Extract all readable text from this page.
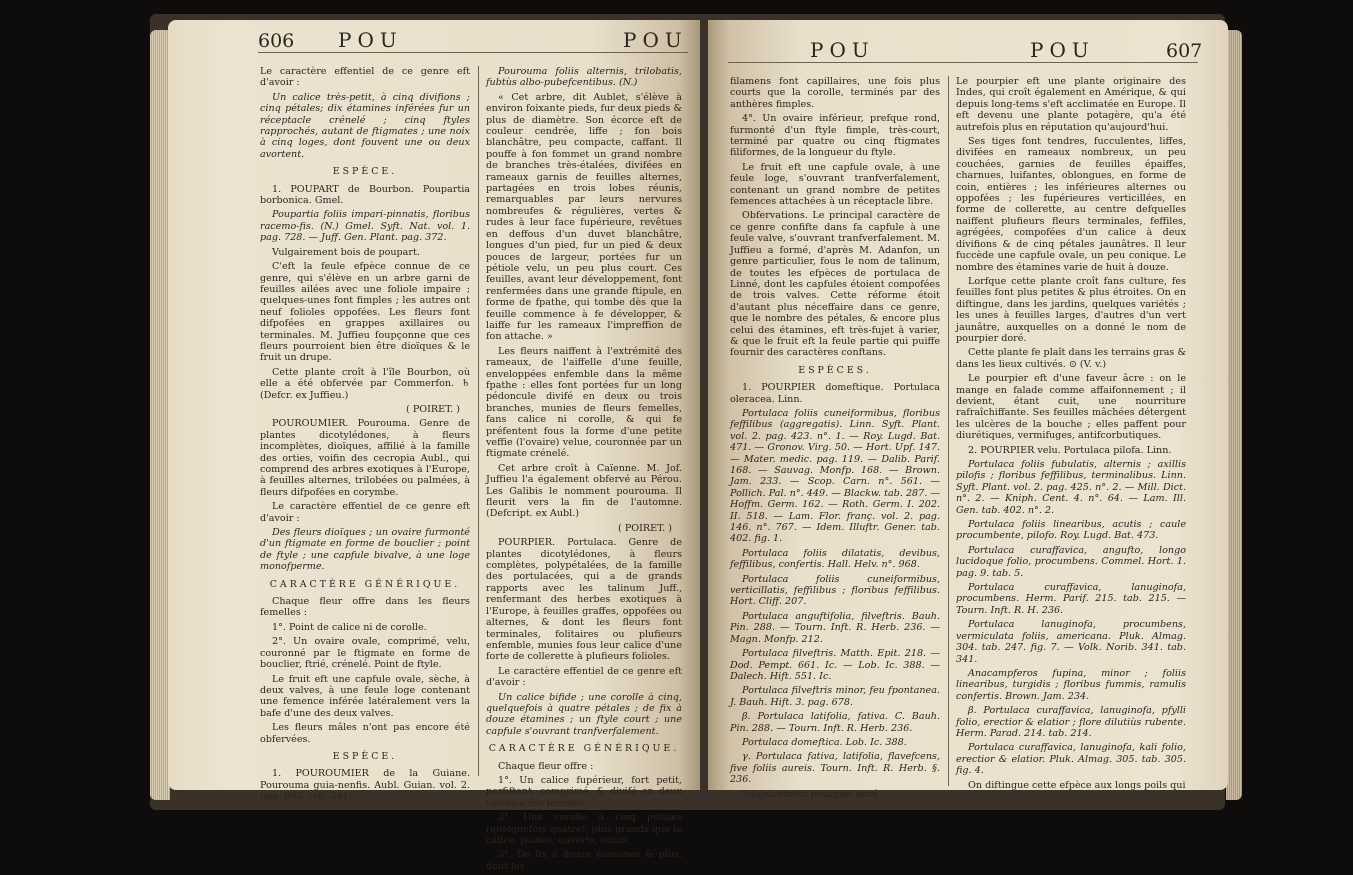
606 POU	POU

Le caractère effentiel de ce genre eft d'avoir :

Un calice très-petit, à cinq divifions ; cinq pétales; dix étamines inférées fur un réceptacle crénelé ; cinq ftyles rapprochés, autant de ftigmates ; une noix à cinq loges, dont fouvent une ou deux avortent.

ESPÈCE.

1. POUPART de Bourbon. Poupartia borbonica. Gmel.

Poupartia foliis impari-pinnatis, floribus racemo-fis. (N.) Gmel. Syft. Nat. vol. 1. pag. 728. — Juff. Gen. Plant. pag. 372.

Vulgairement bois de poupart.

C'eft la feule efpèce connue de ce genre, qui s'élève en un arbre garni de feuilles ailées avec une foliole impaire ; quelques-unes font fimples ; les autres ont neuf folioles oppofées. Les fleurs font difpofées en grappes axillaires ou terminales. M. Juffieu foupçonne que ces fleurs pourroient bien être dioïques & le fruit un drupe.

Cette plante croît à l'île Bourbon, où elle a été obfervée par Commerfon. ♄ (Defcr. ex Juffieu.)

( POIRET. )

POUROUMIER. Pourouma. Genre de plantes dicotylédones, à fleurs incomplètes, dioïques, affilié à la famille des orties, voifin des cecropia Aubl., qui comprend des arbres exotiques à l'Europe, à feuilles alternes, trilobées ou palmées, à fleurs difpofées en corymbe.

Le caractère effentiel de ce genre eft d'avoir :

Des fleurs dioïques ; un ovaire furmonté d'un ftigmate en forme de bouclier ; point de ftyle ; une capfule bivalve, à une loge monofperme.

CARACTÈRE GÉNÉRIQUE.

Chaque fleur offre dans les fleurs femelles :

1°. Point de calice ni de corolle.

2°. Un ovaire ovale, comprimé, velu, couronné par le ftigmate en forme de bouclier, ftrié, crénelé. Point de ftyle.

Le fruit eft une capfule ovale, sèche, à deux valves, à une feule loge contenant une femence inférée latéralement vers la bafe d'une des deux valves.

Les fleurs mâles n'ont pas encore été obfervées.

ESPÈCE.

1. POUROUMIER de la Guiane. Pourouma guia-nenfis. Aubl. Guian. vol. 2. pag. 892. tab. 341.

Pourouma foliis alternis, trilobatis, fubtùs albo-pubefcentibus. (N.)

« Cet arbre, dit Aublet, s'élève à environ foixante pieds, fur deux pieds & plus de diamètre. Son écorce eft de couleur cendrée, liffe ; fon bois blanchâtre, peu compacte, caffant. Il pouffe à fon fommet un grand nombre de branches très-étalées, divifées en rameaux garnis de feuilles alternes, partagées en trois lobes réunis, remarquables par leurs nervures nombreufes & régulières, vertes & rudes à leur face fupérieure, revêtues en deffous d'un duvet blanchâtre, longues d'un pied, fur un pied & deux pouces de largeur, portées fur un pétiole velu, un peu plus court. Ces feuilles, avant leur développement, font renfermées dans une grande ftipule, en forme de fpathe, qui tombe dès que la feuille commence à fe développer, & laiffe fur les rameaux l'impreffion de fon attache. »

Les fleurs naiffent à l'extrémité des rameaux, de l'aiffelle d'une feuille, enveloppées enfemble dans la même fpathe : elles font portées fur un long pédoncule divifé en deux ou trois branches, munies de fleurs femelles, fans calice ni corolle, & qui fe préfentent fous la forme d'une petite veffie (l'ovaire) velue, couronnée par un ftigmate crénelé.

Cet arbre croît à Caïenne. M. Jof. Juffieu l'a également obfervé au Pérou. Les Galibis le nomment pourouma. Il fleurit vers la fin de l'automne. (Defcript. ex Aubl.)

( POIRET. )

POURPIER. Portulaca. Genre de plantes dicotylédones, à fleurs complètes, polypétalées, de la famille des portulacées, qui a de grands rapports avec les talinum Juff., renfermant des herbes exotiques à l'Europe, à feuilles graffes, oppofées ou alternes, & dont les fleurs font terminales, folitaires ou plufieurs enfemble, munies fous leur calice d'une forte de collerette à plufieurs folioles.

Le caractère effentiel de ce genre eft d'avoir :

Un calice bifide ; une corolle à cinq, quelquefois à quatre pétales ; de fix à douze étamines ; un ftyle court ; une capfule s'ouvrant tranfverfalement.

CARACTÈRE GÉNÉRIQUE.

Chaque fleur offre :

1°. Un calice fupérieur, fort petit, perfiftant, comprimé, & divifé en deux valves à fon fommet.

2°. Une corolle à cinq pétales (quelquefois quatre), plus grands que le calice, planes, ouverts, obtus.

3°. De fix à douze étamines & plus, dont les

POU	POU	607

filamens font capillaires, une fois plus courts que la corolle, terminés par des anthères fimples.

4°. Un ovaire inférieur, prefque rond, furmonté d'un ftyle fimple, très-court, terminé par quatre ou cinq ftigmates filiformes, de la longueur du ftyle.

Le fruit eft une capfule ovale, à une feule loge, s'ouvrant tranfverfalement, contenant un grand nombre de petites femences attachées à un réceptacle libre.

Obfervations. Le principal caractère de ce genre confifte dans fa capfule à une feule valve, s'ouvrant tranfverfalement. M. Juffieu a formé, d'après M. Adanfon, un genre particulier, fous le nom de talinum, de toutes les efpèces de portulaca de Linné, dont les capfules étoient compofées de trois valves. Cette réforme étoit d'autant plus néceffaire dans ce genre, que le nombre des pétales, & encore plus celui des étamines, eft très-fujet à varier, & que le fruit eft la feule partie qui puiffe fournir des caractères conftans.

ESPÈCES.

1. POURPIER domeftique. Portulaca oleracea. Linn.

Portulaca foliis cuneiformibus, floribus feffilibus (aggregatis). Linn. Syft. Plant. vol. 2. pag. 423. n°. 1. — Roy. Lugd. Bat. 471. — Gronov. Virg. 50. — Hort. Upf. 147. — Mater. medic. pag. 119. — Dalib. Parif. 168. — Sauvag. Monfp. 168. — Brown. Jam. 233. — Scop. Carn. n°. 561. — Pollich. Pal. n°. 449. — Blackw. tab. 287. — Hoffm. Germ. 162. — Roth. Germ. I. 202. II. 518. — Lam. Flor. franç. vol. 2. pag. 146. n°. 767. — Idem. Illuftr. Gener. tab. 402. fig. 1.

Portulaca foliis dilatatis, devibus, feffilibus, confertis. Hall. Helv. n°. 968.

Portulaca foliis cuneiformibus, verticillatis, feffilibus ; floribus feffilibus. Hort. Cliff. 207.

Portulaca anguftifolia, filveftris. Bauh. Pin. 288. — Tourn. Inft. R. Herb. 236. — Magn. Monfp. 212.

Portulaca filveftris. Matth. Epit. 218. — Dod. Pempt. 661. Ic. — Lob. Ic. 388. — Dalech. Hift. 551. Ic.

Portulaca filveftris minor, feu fpontanea. J. Bauh. Hift. 3. pag. 678.

β. Portulaca latifolia, fativa. C. Bauh. Pin. 288. — Tourn. Inft. R. Herb. 236.

Portulaca domeftica. Lob. Ic. 388.

γ. Portulaca fativa, latifolia, flavefcens, five foliis aureis. Tourn. Inft. R. Herb. §. 236.

Vulgairement pourpier doré.

Le pourpier eft une plante originaire des Indes, qui croît également en Amérique, & qui depuis long-tems s'eft acclimatée en Europe. Il eft devenu une plante potagère, qu'a été autrefois plus en réputation qu'aujourd'hui.

Ses tiges font tendres, fucculentes, liffes, divifées en rameaux nombreux, un peu couchées, garnies de feuilles épaiffes, charnues, luifantes, oblongues, en forme de coin, entières ; les inférieures alternes ou oppofées ; les fupérieures verticillées, en forme de collerette, au centre defquelles naiffent plufieurs fleurs terminales, feffiles, agrégées, compofées d'un calice à deux divifions & de cinq pétales jaunâtres. Il leur fuccède une capfule ovale, un peu conique. Le nombre des étamines varie de huit à douze.

Lorfque cette plante croît fans culture, fes feuilles font plus petites & plus étroites. On en diftingue, dans les jardins, quelques variétés ; les unes à feuilles larges, d'autres d'un vert jaunâtre, auxquelles on a donné le nom de pourpier doré.

Cette plante fe plaît dans les terrains gras & dans les lieux cultivés. ⊙ (V. v.)

Le pourpier eft d'une faveur âcre : on le mange en falade comme affaifonnement ; il devient, étant cuit, une nourriture rafraîchiffante. Ses feuilles mâchées détergent les ulcères de la bouche ; elles paffent pour diurétiques, vermifuges, antifcorbutiques.

2. POURPIER velu. Portulaca pilofa. Linn.

Portulaca foliis fubulatis, alternis ; axillis pilofis ; floribus feffilibus, terminalibus. Linn. Syft. Plant. vol. 2. pag. 425. n°. 2. — Mill. Dict. n°. 2. — Kniph. Cent. 4. n°. 64. — Lam. Ill. Gen. tab. 402. n°. 2.

Portulaca foliis linearibus, acutis ; caule procumbente, pilofo. Roy. Lugd. Bat. 473.

Portulaca curaffavica, angufto, longo lucidoque folio, procumbens. Commel. Hort. 1. pag. 9. tab. 5.

Portulaca curaffavica, lanuginofa, procumbens. Herm. Parif. 215. tab. 215. — Tourn. Inft. R. H. 236.

Portulaca lanuginofa, procumbens, vermiculata foliis, americana. Pluk. Almag. 304. tab. 247. fig. 7. — Volk. Norib. 341. tab. 341.

Anacampferos fupina, minor ; foliis linearibus, turgidis ; floribus fummis, ramulis confertis. Brown. Jam. 234.

β. Portulaca curaffavica, lanuginofa, pfylli folio, erectior & elatior ; flore dilutiùs rubente. Herm. Parad. 214. tab. 214.

Portulaca curaffavica, lanuginofa, kali folio, erectior & elatior. Pluk. Almag. 305. tab. 305. fig. 4.

On diftingue cette efpèce aux longs poils qui
